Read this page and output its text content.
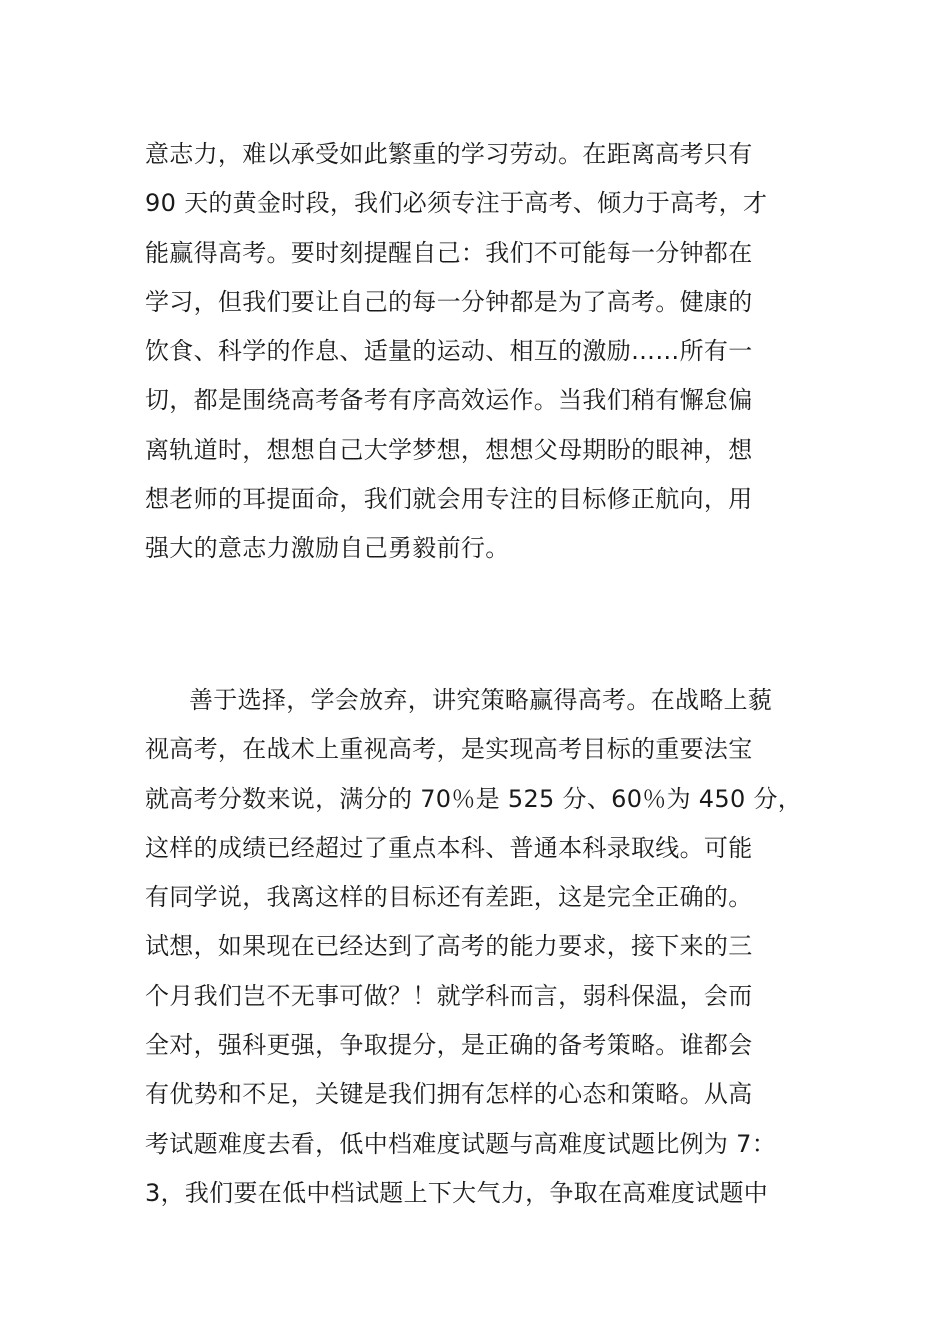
意志力，难以承受如此繁重的学习劳动。在距离高考只有
90 天的黄金时段，我们必须专注于高考、倾力于高考，才
能赢得高考。要时刻提醒自己：我们不可能每一分钟都在
学习，但我们要让自己的每一分钟都是为了高考。健康的
饮食、科学的作息、适量的运动、相互的激励……所有一
切，都是围绕高考备考有序高效运作。当我们稍有懈怠偏
离轨道时，想想自己大学梦想，想想父母期盼的眼神，想
想老师的耳提面命，我们就会用专注的目标修正航向，用
强大的意志力激励自己勇毅前行。
善于选择，学会放弃，讲究策略赢得高考。在战略上藐
视高考，在战术上重视高考，是实现高考目标的重要法宝
就高考分数来说，满分的 70％是 525 分、60％为 450 分，
这样的成绩已经超过了重点本科、普通本科录取线。可能
有同学说，我离这样的目标还有差距，这是完全正确的。
试想，如果现在已经达到了高考的能力要求，接下来的三
个月我们岂不无事可做？！就学科而言，弱科保温，会而
全对，强科更强，争取提分，是正确的备考策略。谁都会
有优势和不足，关键是我们拥有怎样的心态和策略。从高
考试题难度去看，低中档难度试题与高难度试题比例为 7：
3，我们要在低中档试题上下大气力，争取在高难度试题中
